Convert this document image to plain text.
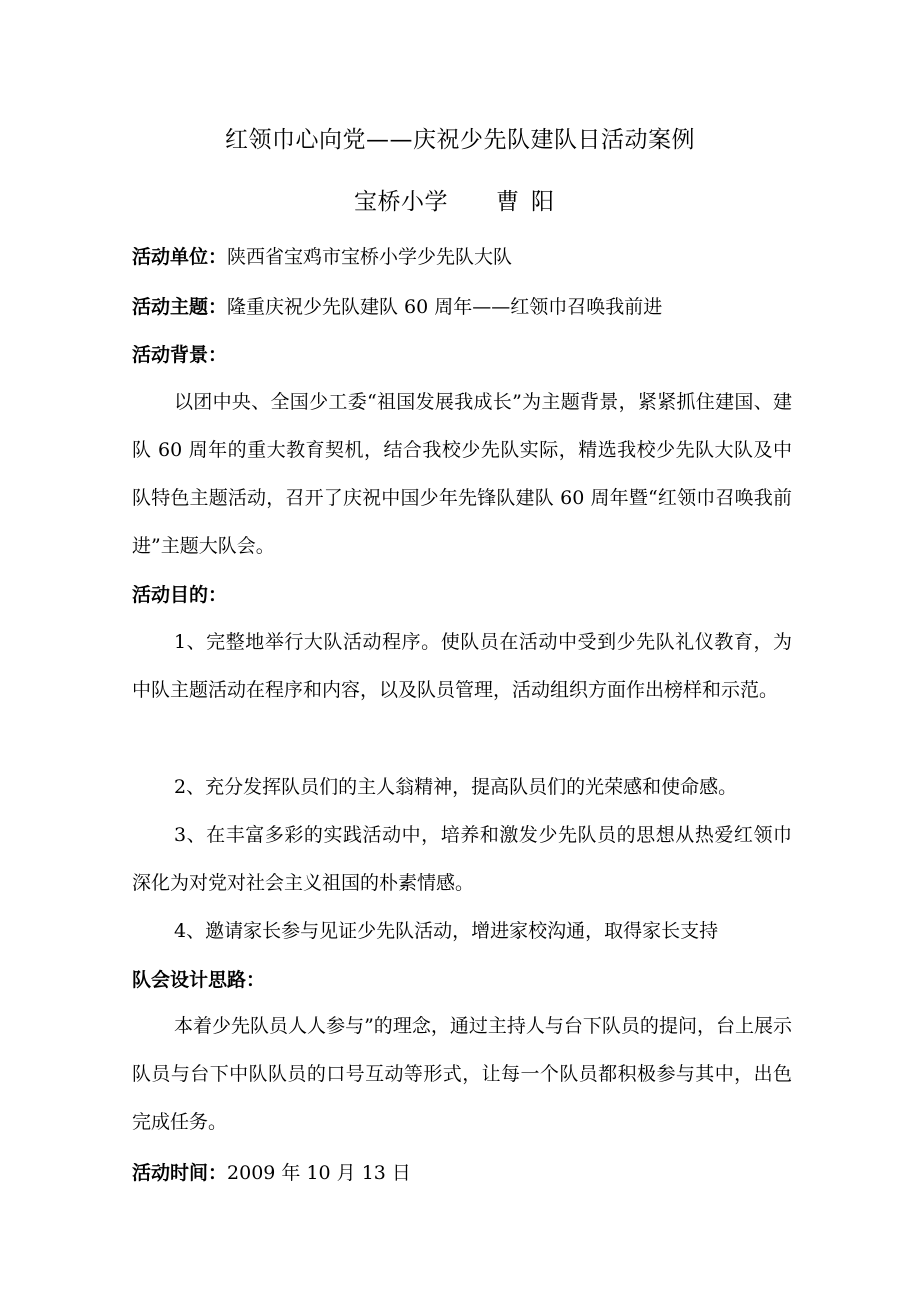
红领巾心向党——庆祝少先队建队日活动案例
宝桥小学 曹阳
活动单位：陕西省宝鸡市宝桥小学少先队大队
活动主题：隆重庆祝少先队建队 60 周年——红领巾召唤我前进
活动背景：
以团中央、全国少工委“祖国发展我成长”为主题背景，紧紧抓住建国、建队 60 周年的重大教育契机，结合我校少先队实际，精选我校少先队大队及中队特色主题活动，召开了庆祝中国少年先锋队建队 60 周年暨“红领巾召唤我前进”主题大队会。
活动目的：
1、完整地举行大队活动程序。使队员在活动中受到少先队礼仪教育，为中队主题活动在程序和内容，以及队员管理，活动组织方面作出榜样和示范。
2、充分发挥队员们的主人翁精神，提高队员们的光荣感和使命感。
3、在丰富多彩的实践活动中，培养和激发少先队员的思想从热爱红领巾深化为对党对社会主义祖国的朴素情感。
4、邀请家长参与见证少先队活动，增进家校沟通，取得家长支持
队会设计思路：
本着少先队员人人参与”的理念，通过主持人与台下队员的提问，台上展示队员与台下中队队员的口号互动等形式，让每一个队员都积极参与其中，出色完成任务。
活动时间：2009 年 10 月 13 日
